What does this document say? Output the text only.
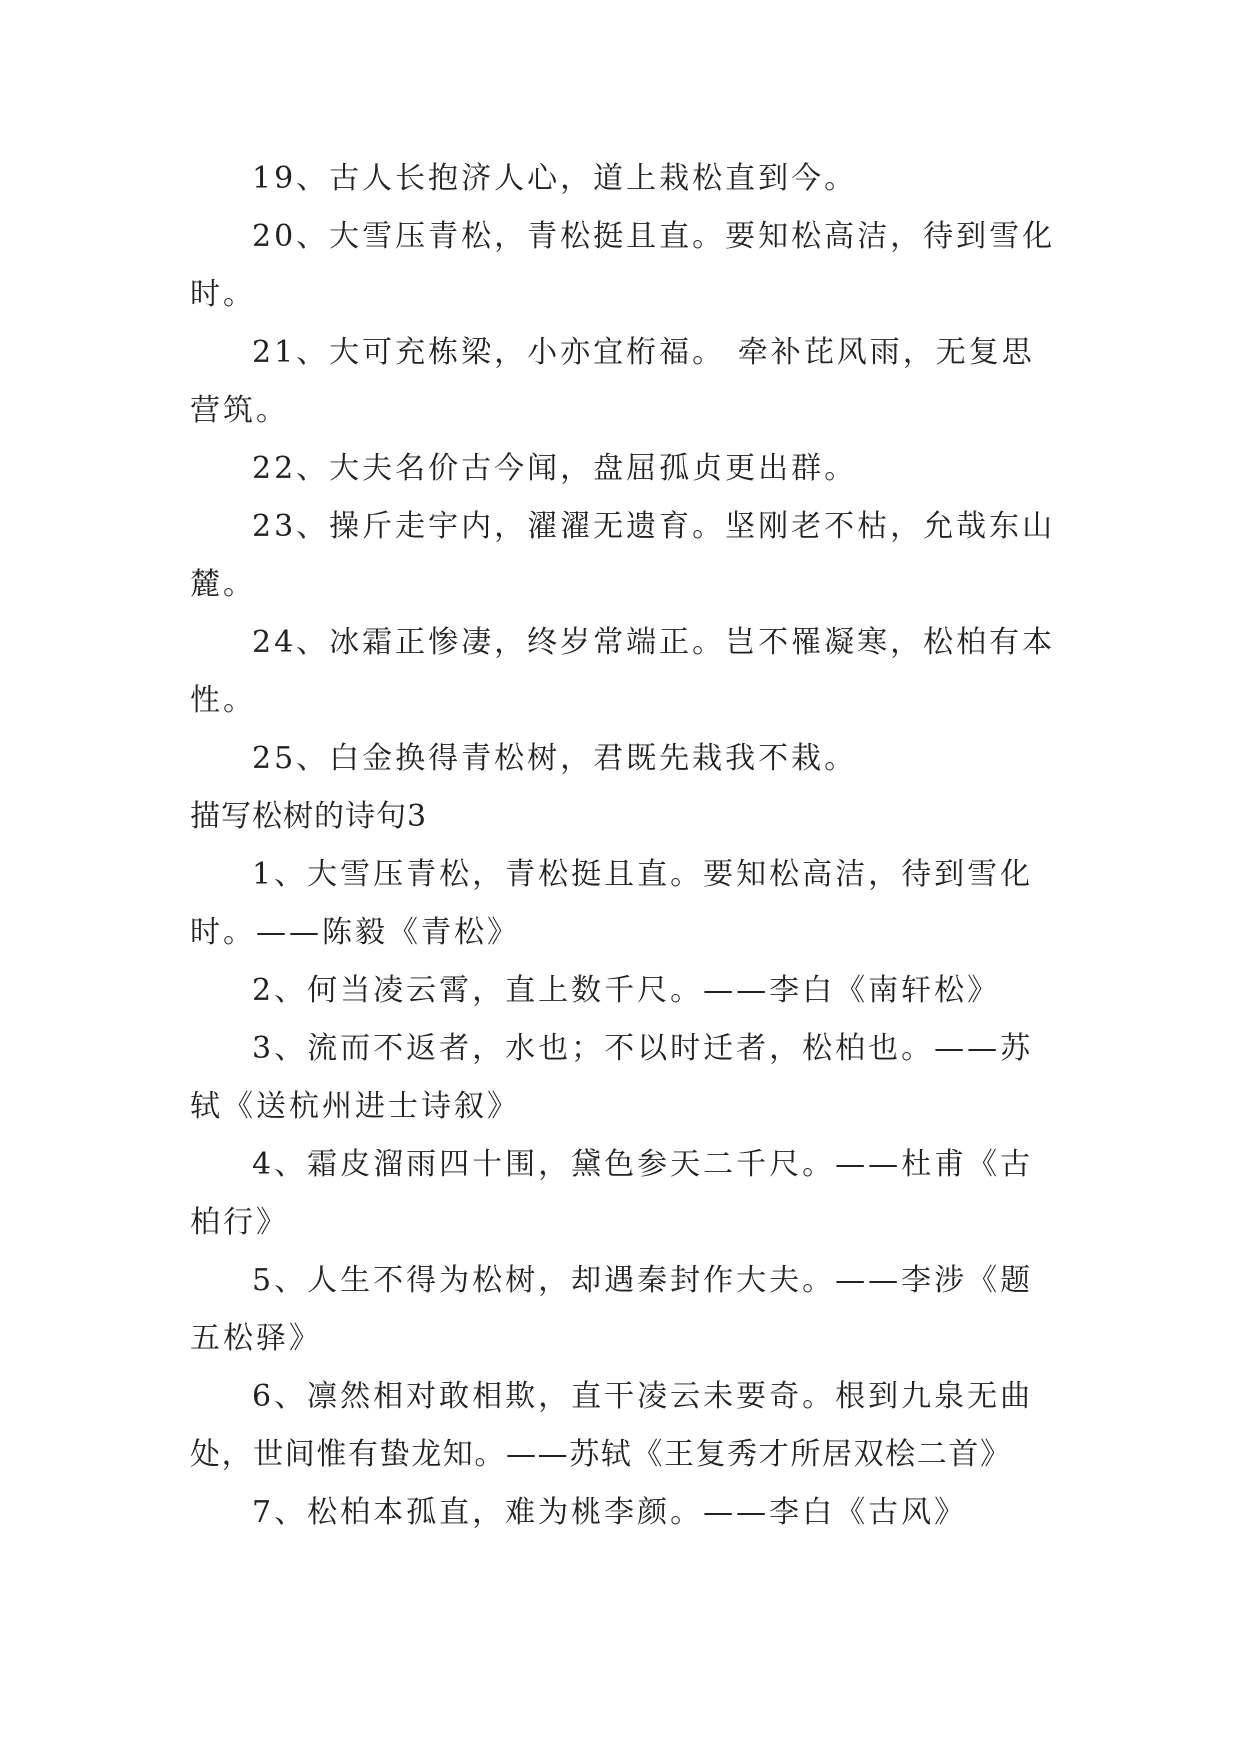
19、古人长抱济人心，道上栽松直到今。
20、大雪压青松，青松挺且直。要知松高洁，待到雪化
时。
21、大可充栋梁，小亦宜桁福。 牵补芘风雨，无复思
营筑。
22、大夫名价古今闻，盘屈孤贞更出群。
23、操斤走宇内，濯濯无遗育。坚刚老不枯，允哉东山
麓。
24、冰霜正惨凄，终岁常端正。岂不罹凝寒，松柏有本
性。
25、白金换得青松树，君既先栽我不栽。
描写松树的诗句3
1、大雪压青松，青松挺且直。要知松高洁，待到雪化
时。——陈毅《青松》
2、何当凌云霄，直上数千尺。——李白《南轩松》
3、流而不返者，水也；不以时迁者，松柏也。——苏
轼《送杭州进士诗叙》
4、霜皮溜雨四十围，黛色参天二千尺。——杜甫《古
柏行》
5、人生不得为松树，却遇秦封作大夫。——李涉《题
五松驿》
6、凛然相对敢相欺，直干凌云未要奇。根到九泉无曲
处，世间惟有蛰龙知。——苏轼《王复秀才所居双桧二首》
7、松柏本孤直，难为桃李颜。——李白《古风》
